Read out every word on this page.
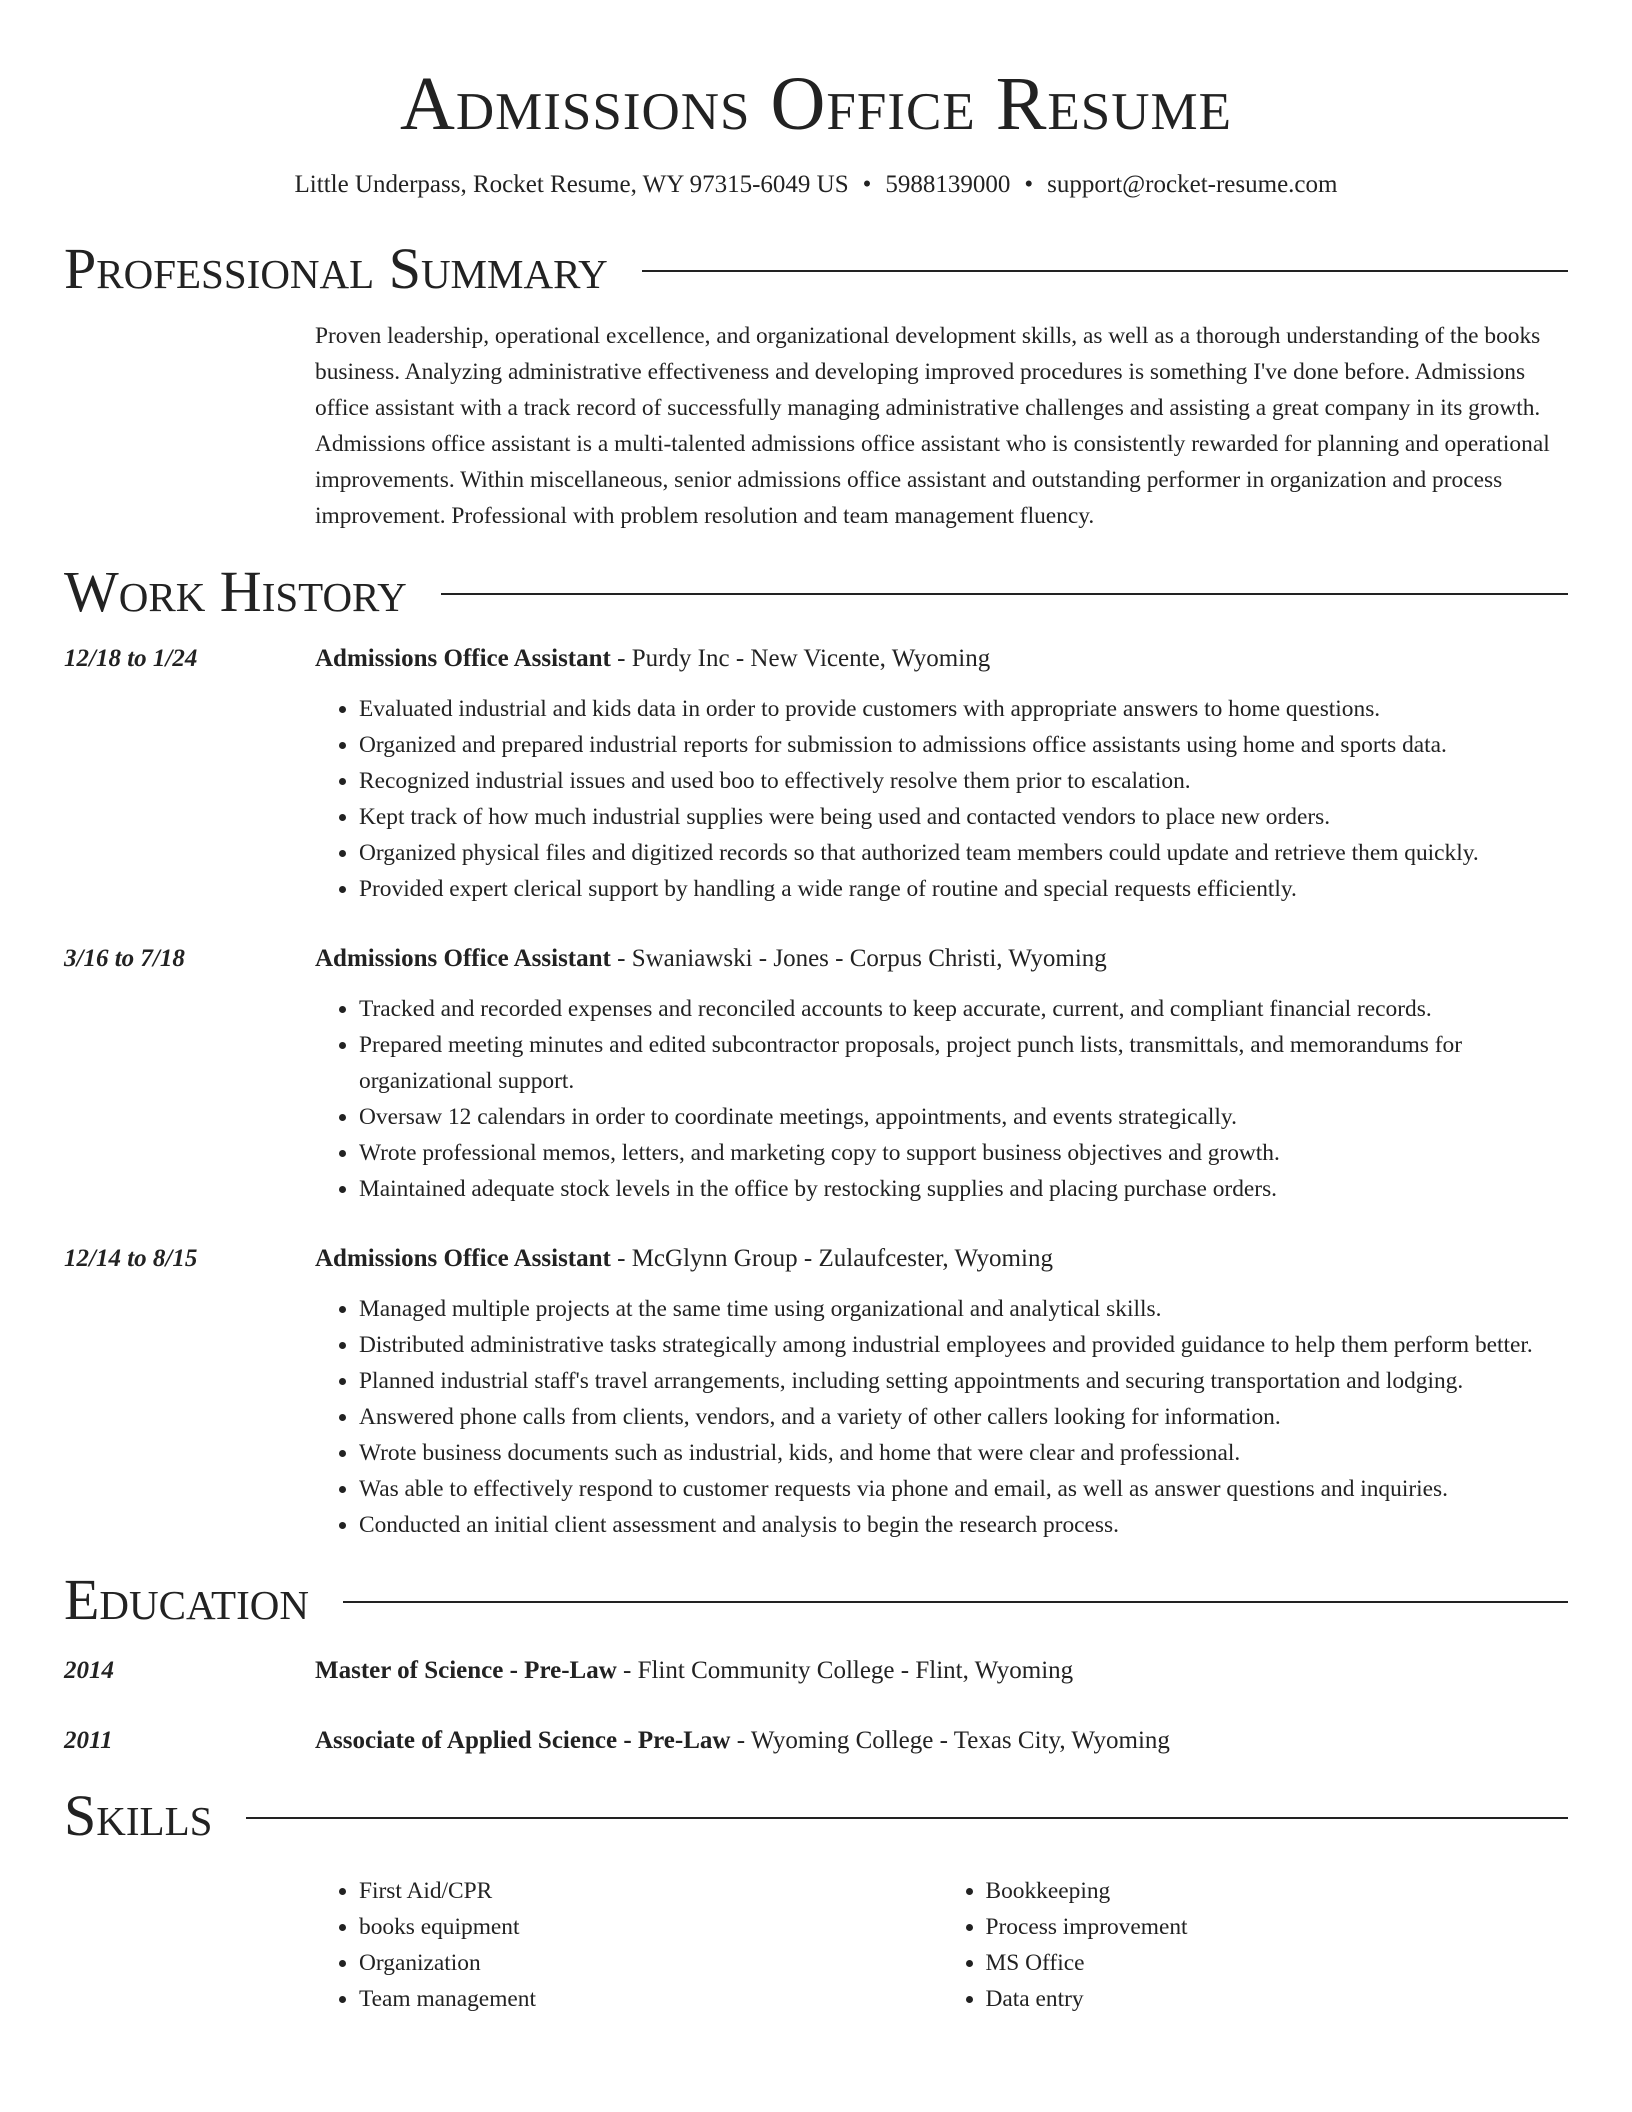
Admissions Office Resume
Little Underpass, Rocket Resume, WY 97315-6049 US • 5988139000 • support@rocket-resume.com
Professional Summary

Proven leadership, operational excellence, and organizational development skills, as well as a thorough understanding of the books business. Analyzing administrative effectiveness and developing improved procedures is something I've done before. Admissions office assistant with a track record of successfully managing administrative challenges and assisting a great company in its growth. Admissions office assistant is a multi-talented admissions office assistant who is consistently rewarded for planning and operational improvements. Within miscellaneous, senior admissions office assistant and outstanding performer in organization and process improvement. Professional with problem resolution and team management fluency.

Work History
12/18 to 1/24	Admissions Office Assistant - Purdy Inc - New Vicente, Wyoming
• Evaluated industrial and kids data in order to provide customers with appropriate answers to home questions.
• Organized and prepared industrial reports for submission to admissions office assistants using home and sports data.
• Recognized industrial issues and used boo to effectively resolve them prior to escalation.
• Kept track of how much industrial supplies were being used and contacted vendors to place new orders.
• Organized physical files and digitized records so that authorized team members could update and retrieve them quickly.
• Provided expert clerical support by handling a wide range of routine and special requests efficiently.
3/16 to 7/18	Admissions Office Assistant - Swaniawski - Jones - Corpus Christi, Wyoming
• Tracked and recorded expenses and reconciled accounts to keep accurate, current, and compliant financial records.
• Prepared meeting minutes and edited subcontractor proposals, project punch lists, transmittals, and memorandums for organizational support.
• Oversaw 12 calendars in order to coordinate meetings, appointments, and events strategically.
• Wrote professional memos, letters, and marketing copy to support business objectives and growth.
• Maintained adequate stock levels in the office by restocking supplies and placing purchase orders.
12/14 to 8/15	Admissions Office Assistant - McGlynn Group - Zulaufcester, Wyoming
• Managed multiple projects at the same time using organizational and analytical skills.
• Distributed administrative tasks strategically among industrial employees and provided guidance to help them perform better.
• Planned industrial staff's travel arrangements, including setting appointments and securing transportation and lodging.
• Answered phone calls from clients, vendors, and a variety of other callers looking for information.
• Wrote business documents such as industrial, kids, and home that were clear and professional.
• Was able to effectively respond to customer requests via phone and email, as well as answer questions and inquiries.
• Conducted an initial client assessment and analysis to begin the research process.
Education
2014	Master of Science - Pre-Law - Flint Community College - Flint, Wyoming
2011	Associate of Applied Science - Pre-Law - Wyoming College - Texas City, Wyoming
Skills
• First Aid/CPR
• books equipment
• Organization
• Team management
• Bookkeeping
• Process improvement
• MS Office
• Data entry
